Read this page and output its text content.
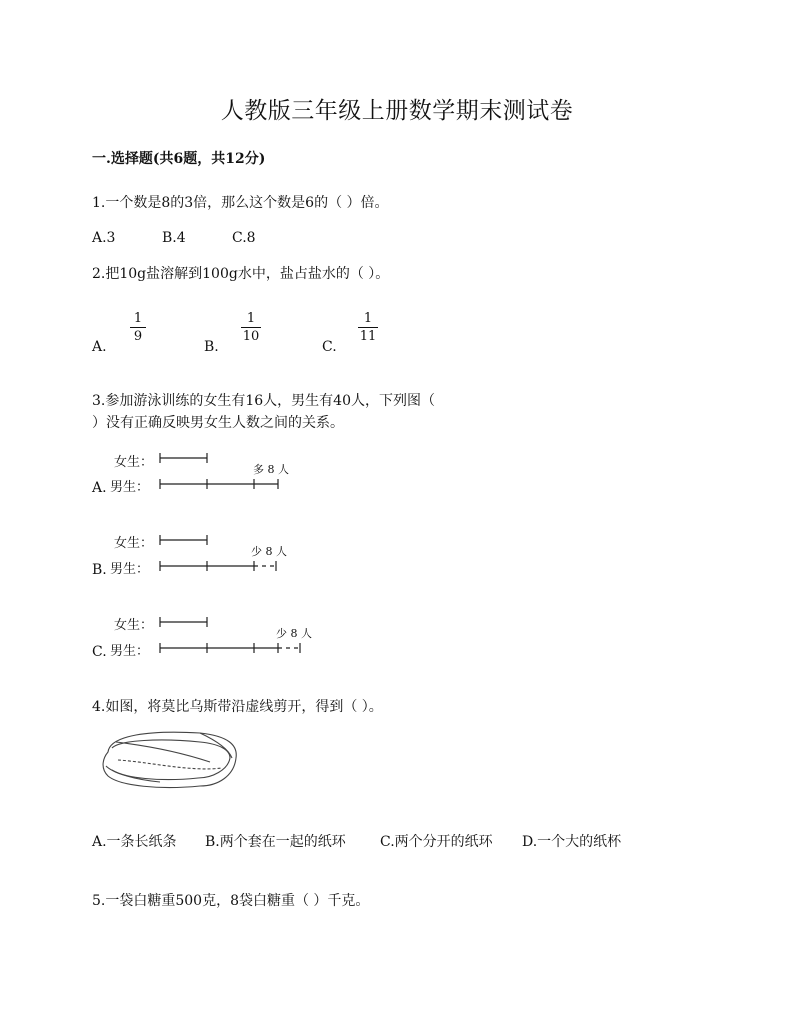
人教版三年级上册数学期末测试卷
一.选择题(共6题，共12分)
1.一个数是8的3倍，那么这个数是6的（ ）倍。
A.3	B.4	C.8
2.把10g盐溶解到100g水中，盐占盐水的（ ）。
A.
1
9
B.
1
10
C.
1
11
3.参加游泳训练的女生有16人，男生有40人，下列图（
）没有正确反映男女生人数之间的关系。
女生：
男生：
A.
多 8 人
女生：
男生：
B.
少 8 人
女生：
男生：
C.
少 8 人
4.如图，将莫比乌斯带沿虚线剪开，得到（ ）。
A.一条长纸条 B.两个套在一起的纸环 C.两个分开的纸环 D.一个大的纸杯
5.一袋白糖重500克，8袋白糖重（ ）千克。
